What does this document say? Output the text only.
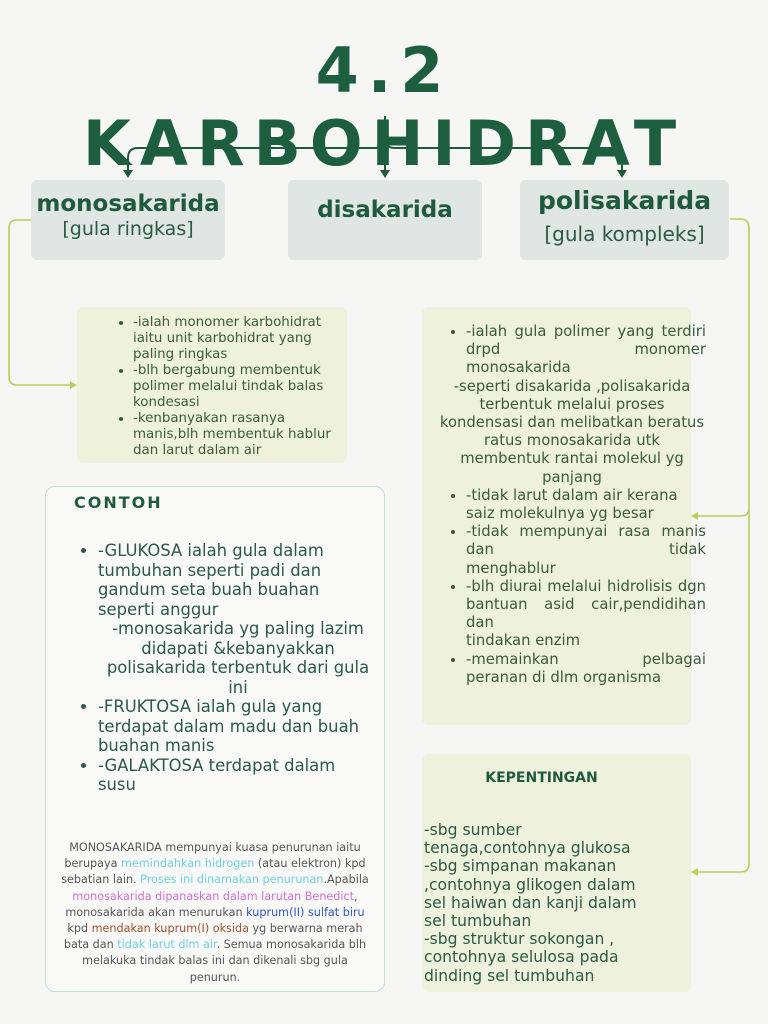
4.2 KARBOHIDRAT
monosakarida
[gula ringkas]
disakarida	polisakarida
[gula kompleks]
• -ialah monomer karbohidrat iaitu unit karbohidrat yang paling ringkas
• -blh bergabung membentuk polimer melalui tindak balas kondesasi
• -kenbanyakan rasanya manis,blh membentuk hablur dan larut dalam air
• -ialah gula polimer yang terdiri drpd monomer
monosakarida
-seperti disakarida ,polisakarida terbentuk melalui proses kondensasi dan melibatkan beratus ratus monosakarida utk membentuk rantai molekul yg panjang
• -tidak larut dalam air kerana saiz molekulnya yg besar
• -tidak mempunyai rasa manis dan tidak
menghablur
• -blh diurai melalui hidrolisis dgn bantuan asid cair,pendidihan dan
tindakan enzim
• -memainkan pelbagai
peranan di dlm organisma
CONTOH
• -GLUKOSA ialah gula dalam tumbuhan seperti padi dan gandum seta buah buahan seperti anggur
-monosakarida yg paling lazim didapati &kebanyakkan polisakarida terbentuk dari gula ini
• -FRUKTOSA ialah gula yang terdapat dalam madu dan buah buahan manis
• -GALAKTOSA terdapat dalam susu
MONOSAKARIDA mempunyai kuasa penurunan iaitu berupaya memindahkan hidrogen (atau elektron) kpd sebatian lain. Proses ini dinamakan penurunan.Apabila monosakarida dipanaskan dalam larutan Benedict, monosakarida akan menurukan kuprum(II) sulfat biru kpd mendakan kuprum(I) oksida yg berwarna merah bata dan tidak larut dlm air. Semua monosakarida blh melakuka tindak balas ini dan dikenali sbg gula penurun.
KEPENTINGAN
-sbg sumber
tenaga,contohnya glukosa
-sbg simpanan makanan
,contohnya glikogen dalam
sel haiwan dan kanji dalam
sel tumbuhan
-sbg struktur sokongan ,
contohnya selulosa pada
dinding sel tumbuhan
